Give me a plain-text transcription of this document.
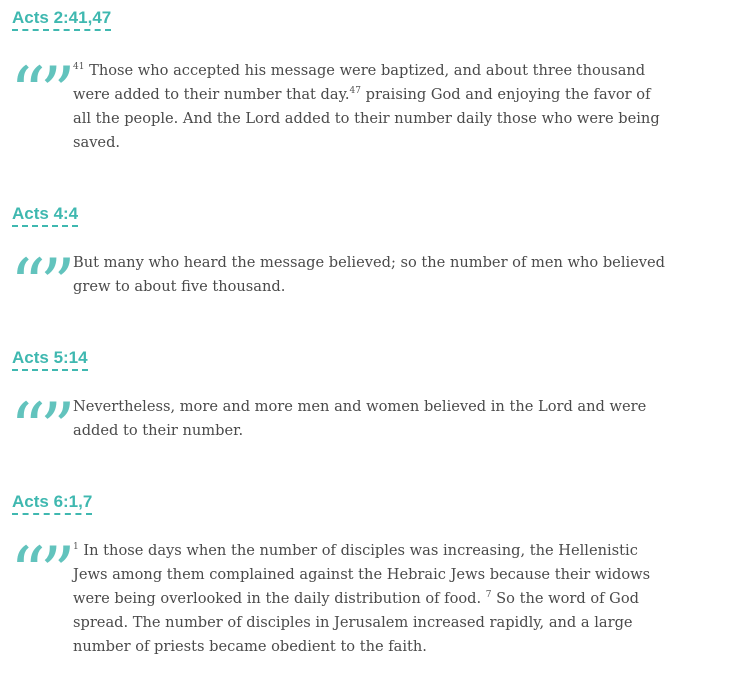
Acts 2:41,47
“” $^{41}$ Those who accepted his message were baptized, and about three thousand were added to their number that day.$^{47}$ praising God and enjoying the favor of all the people. And the Lord added to their number daily those who were being saved.

Acts 4:4
“” But many who heard the message believed; so the number of men who believed grew to about five thousand.

Acts 5:14
“” Nevertheless, more and more men and women believed in the Lord and were added to their number.

Acts 6:1,7
“” $^1$ In those days when the number of disciples was increasing, the Hellenistic Jews among them complained against the Hebraic Jews because their widows were being overlooked in the daily distribution of food. $^7$ So the word of God spread. The number of disciples in Jerusalem increased rapidly, and a large number of priests became obedient to the faith.
